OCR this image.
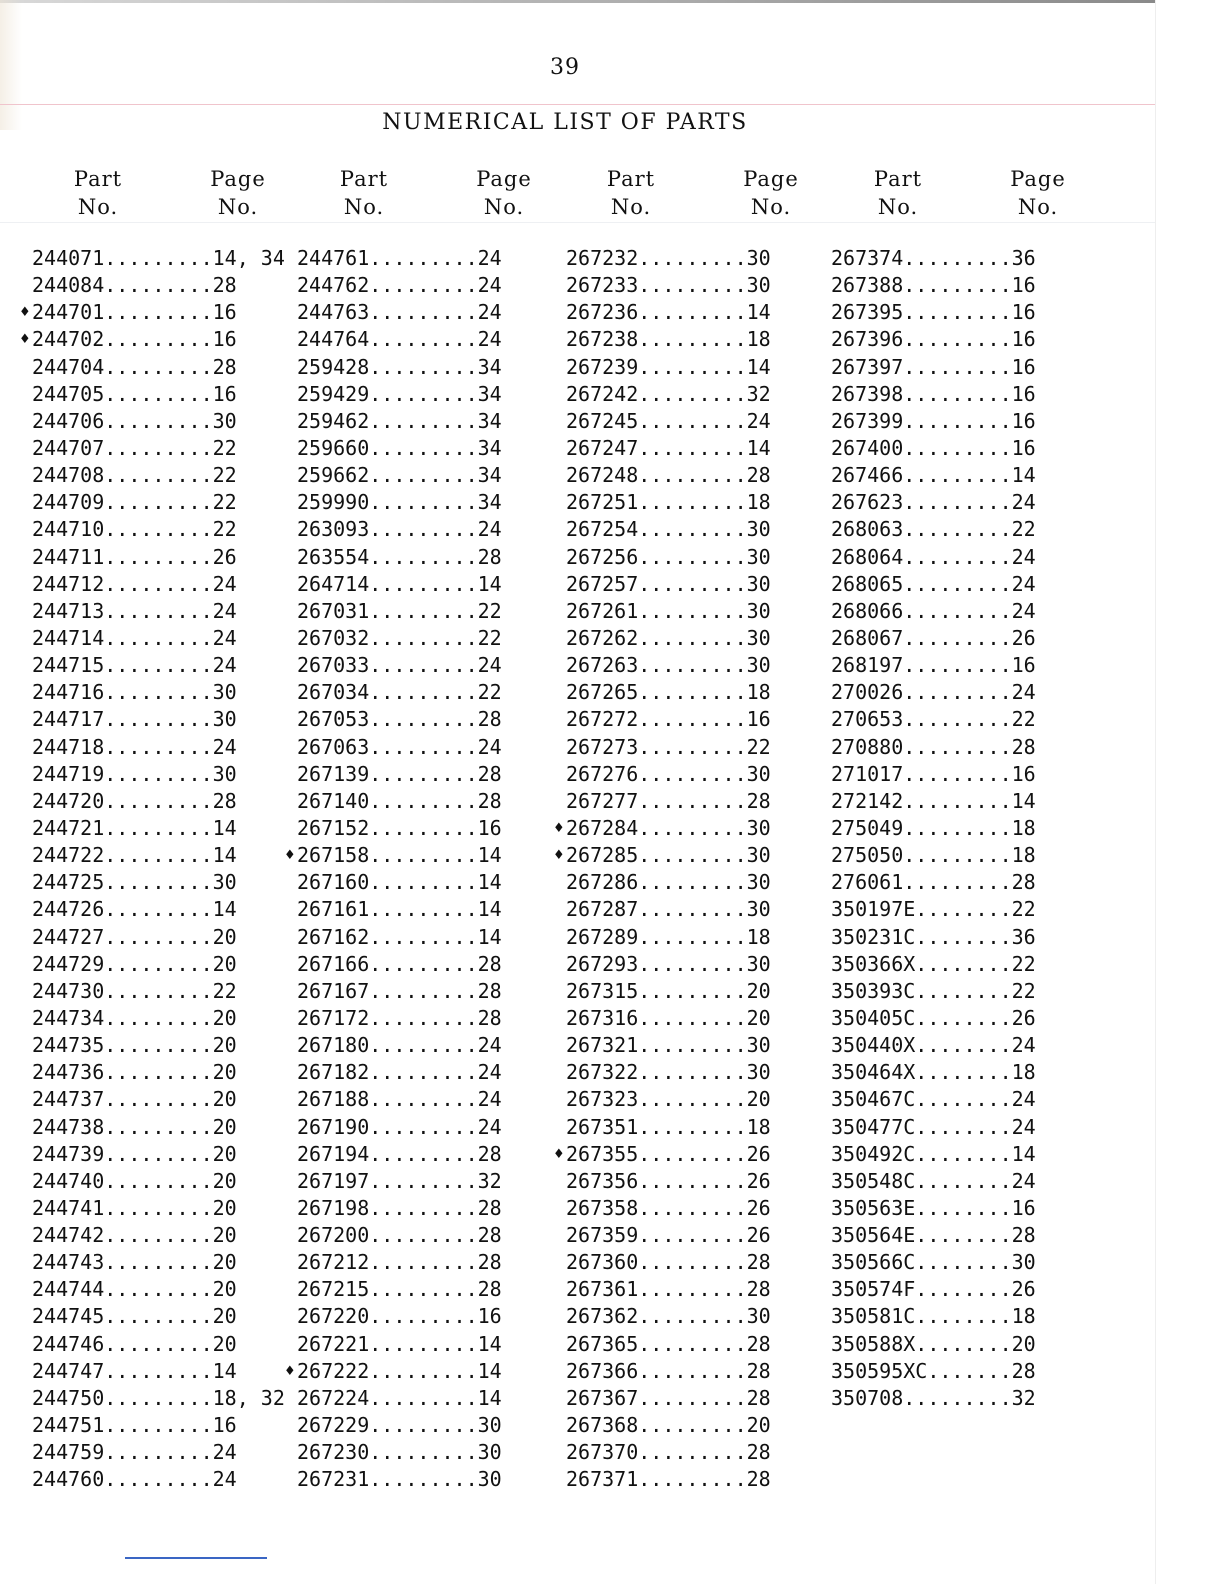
39
NUMERICAL LIST OF PARTS
Part
No.
Page
No.
Part
No.
Page
No.
Part
No.
Page
No.
Part
No.
Page
No.
244071.........14, 34
244084.........28
♦ 244701.........16
♦ 244702.........16
244704.........28
244705.........16
244706.........30
244707.........22
244708.........22
244709.........22
244710.........22
244711.........26
244712.........24
244713.........24
244714.........24
244715.........24
244716.........30
244717.........30
244718.........24
244719.........30
244720.........28
244721.........14
244722.........14
244725.........30
244726.........14
244727.........20
244729.........20
244730.........22
244734.........20
244735.........20
244736.........20
244737.........20
244738.........20
244739.........20
244740.........20
244741.........20
244742.........20
244743.........20
244744.........20
244745.........20
244746.........20
244747.........14
244750.........18, 32
244751.........16
244759.........24
244760.........24
244761.........24
244762.........24
244763.........24
244764.........24
259428.........34
259429.........34
259462.........34
259660.........34
259662.........34
259990.........34
263093.........24
263554.........28
264714.........14
267031.........22
267032.........22
267033.........24
267034.........22
267053.........28
267063.........24
267139.........28
267140.........28
267152.........16
♦ 267158.........14
267160.........14
267161.........14
267162.........14
267166.........28
267167.........28
267172.........28
267180.........24
267182.........24
267188.........24
267190.........24
267194.........28
267197.........32
267198.........28
267200.........28
267212.........28
267215.........28
267220.........16
267221.........14
♦ 267222.........14
267224.........14
267229.........30
267230.........30
267231.........30
267232.........30
267233.........30
267236.........14
267238.........18
267239.........14
267242.........32
267245.........24
267247.........14
267248.........28
267251.........18
267254.........30
267256.........30
267257.........30
267261.........30
267262.........30
267263.........30
267265.........18
267272.........16
267273.........22
267276.........30
267277.........28
♦ 267284.........30
♦ 267285.........30
267286.........30
267287.........30
267289.........18
267293.........30
267315.........20
267316.........20
267321.........30
267322.........30
267323.........20
267351.........18
♦ 267355.........26
267356.........26
267358.........26
267359.........26
267360.........28
267361.........28
267362.........30
267365.........28
267366.........28
267367.........28
267368.........20
267370.........28
267371.........28
267374.........36
267388.........16
267395.........16
267396.........16
267397.........16
267398.........16
267399.........16
267400.........16
267466.........14
267623.........24
268063.........22
268064.........24
268065.........24
268066.........24
268067.........26
268197.........16
270026.........24
270653.........22
270880.........28
271017.........16
272142.........14
275049.........18
275050.........18
276061.........28
350197E........22
350231C........36
350366X........22
350393C........22
350405C........26
350440X........24
350464X........18
350467C........24
350477C........24
350492C........14
350548C........24
350563E........16
350564E........28
350566C........30
350574F........26
350581C........18
350588X........20
350595XC.......28
350708.........32
